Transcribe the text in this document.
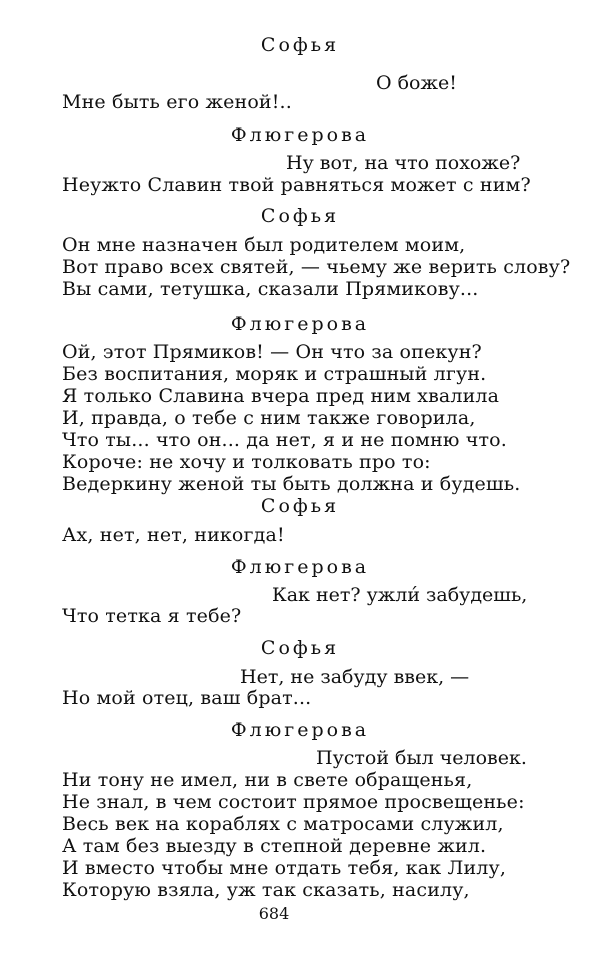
Софья
О боже!
Мне быть его женой!..
Флюгерова
Ну вот, на что похоже?
Неужто Славин твой равняться может с ним?
Софья
Он мне назначен был родителем моим,
Вот право всех святей, — чьему же верить слову?
Вы сами, тетушка, сказали Прямикову...
Флюгерова
Ой, этот Прямиков! — Он что за опекун?
Без воспитания, моряк и страшный лгун.
Я только Славина вчера пред ним хвалила
И, правда, о тебе с ним также говорила,
Что ты... что он... да нет, я и не помню что.
Короче: не хочу и толковать про то:
Ведеркину женой ты быть должна и будешь.
Софья
Ах, нет, нет, никогда!
Флюгерова
Как нет? ужли́ забудешь,
Что тетка я тебе?
Софья
Нет, не забуду ввек, —
Но мой отец, ваш брат...
Флюгерова
Пустой был человек.
Ни тону не имел, ни в свете обращенья,
Не знал, в чем состоит прямое просвещенье:
Весь век на кораблях с матросами служил,
А там без выезду в степной деревне жил.
И вместо чтобы мне отдать тебя, как Лилу,
Которую взяла, уж так сказать, насилу,
684
